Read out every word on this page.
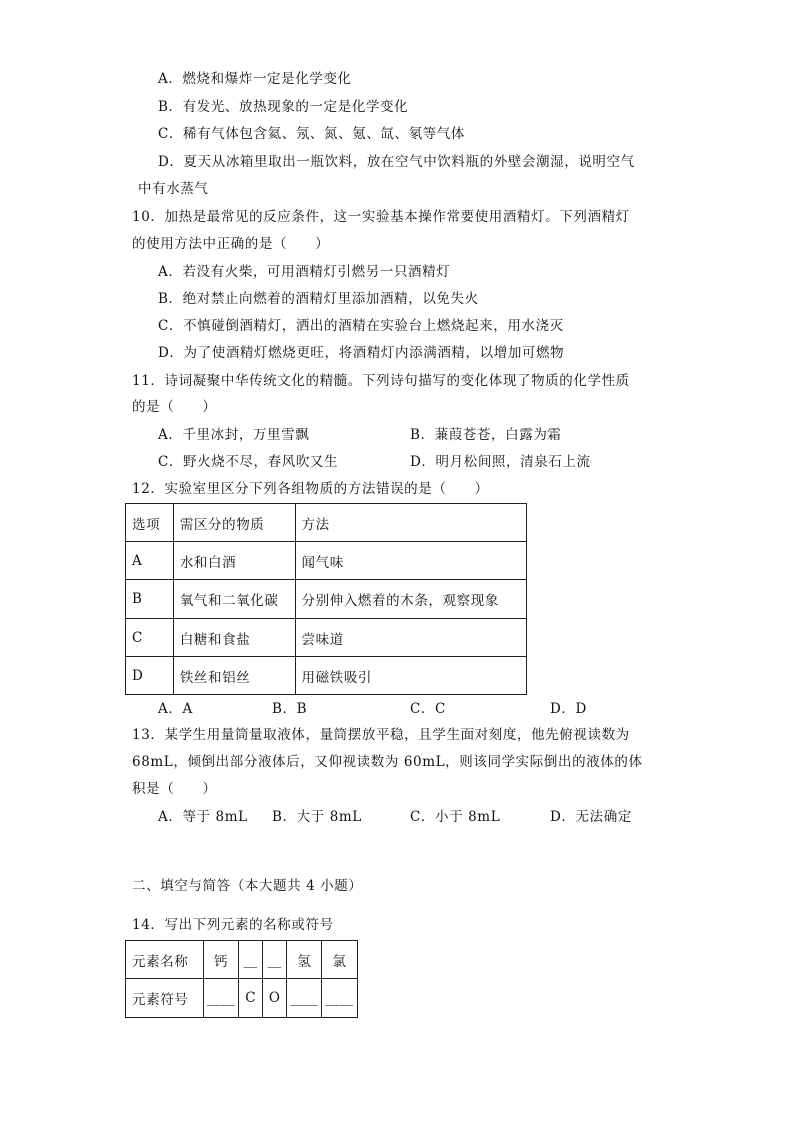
A．燃烧和爆炸一定是化学变化
B．有发光、放热现象的一定是化学变化
C．稀有气体包含氦、氖、氮、氪、氙、氡等气体
D．夏天从冰箱里取出一瓶饮料，放在空气中饮料瓶的外壁会潮湿，说明空气
中有水蒸气
10．加热是最常见的反应条件，这一实验基本操作常要使用酒精灯。下列酒精灯
的使用方法中正确的是（　　）
A．若没有火柴，可用酒精灯引燃另一只酒精灯
B．绝对禁止向燃着的酒精灯里添加酒精，以免失火
C．不慎碰倒酒精灯，洒出的酒精在实验台上燃烧起来，用水浇灭
D．为了使酒精灯燃烧更旺，将酒精灯内添满酒精，以增加可燃物
11．诗词凝聚中华传统文化的精髓。下列诗句描写的变化体现了物质的化学性质
的是（　　）
A．千里冰封，万里雪飘	B．蒹葭苍苍，白露为霜
C．野火烧不尽，春风吹又生	D．明月松间照，清泉石上流
12．实验室里区分下列各组物质的方法错误的是（　　）
选项	需区分的物质	方法
A	水和白酒	闻气味
B	氧气和二氧化碳	分别伸入燃着的木条，观察现象
C	白糖和食盐	尝味道
D	铁丝和铝丝	用磁铁吸引
A．A	B．B	C．C	D．D
13．某学生用量筒量取液体，量筒摆放平稳，且学生面对刻度，他先俯视读数为
68mL，倾倒出部分液体后，又仰视读数为 60mL，则该同学实际倒出的液体的体
积是（　　）
A．等于 8mL B．大于 8mL	C．小于 8mL	D．无法确定
二、填空与简答（本大题共 4 小题）
14．写出下列元素的名称或符号
元素名称	钙	＿	＿	氢	氯
元素符号	＿＿	C	O	＿＿	＿＿
